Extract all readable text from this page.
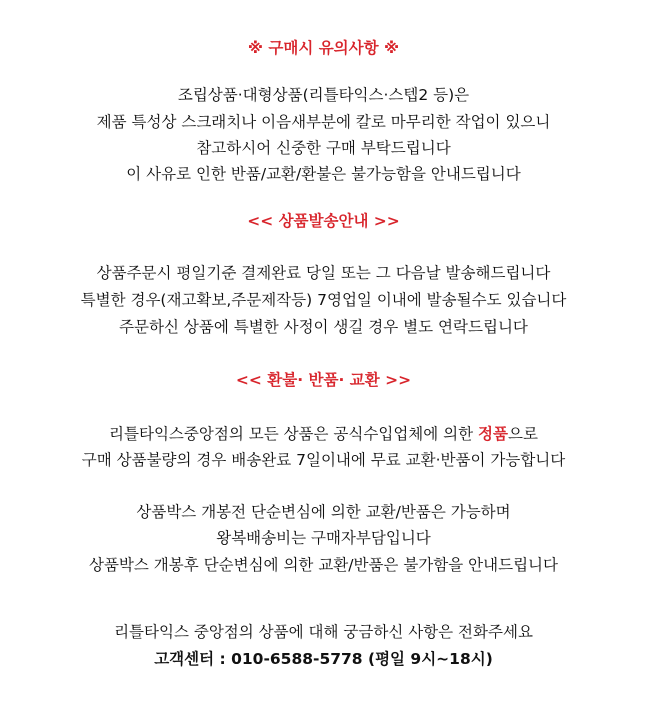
※ 구매시 유의사항 ※
조립상품·대형상품(리틀타익스·스텝2 등)은
제품 특성상 스크래치나 이음새부분에 칼로 마무리한 작업이 있으니
참고하시어 신중한 구매 부탁드립니다
이 사유로 인한 반품/교환/환불은 불가능함을 안내드립니다
<< 상품발송안내 >>
상품주문시 평일기준 결제완료 당일 또는 그 다음날 발송해드립니다
특별한 경우(재고확보,주문제작등) 7영업일 이내에 발송될수도 있습니다
주문하신 상품에 특별한 사정이 생길 경우 별도 연락드립니다
<< 환불· 반품· 교환 >>
리틀타익스중앙점의 모든 상품은 공식수입업체에 의한 정품으로
구매 상품불량의 경우 배송완료 7일이내에 무료 교환·반품이 가능합니다
상품박스 개봉전 단순변심에 의한 교환/반품은 가능하며
왕복배송비는 구매자부담입니다
상품박스 개봉후 단순변심에 의한 교환/반품은 불가함을 안내드립니다
리틀타익스 중앙점의 상품에 대해 궁금하신 사항은 전화주세요
고객센터 : 010-6588-5778 (평일 9시~18시)
